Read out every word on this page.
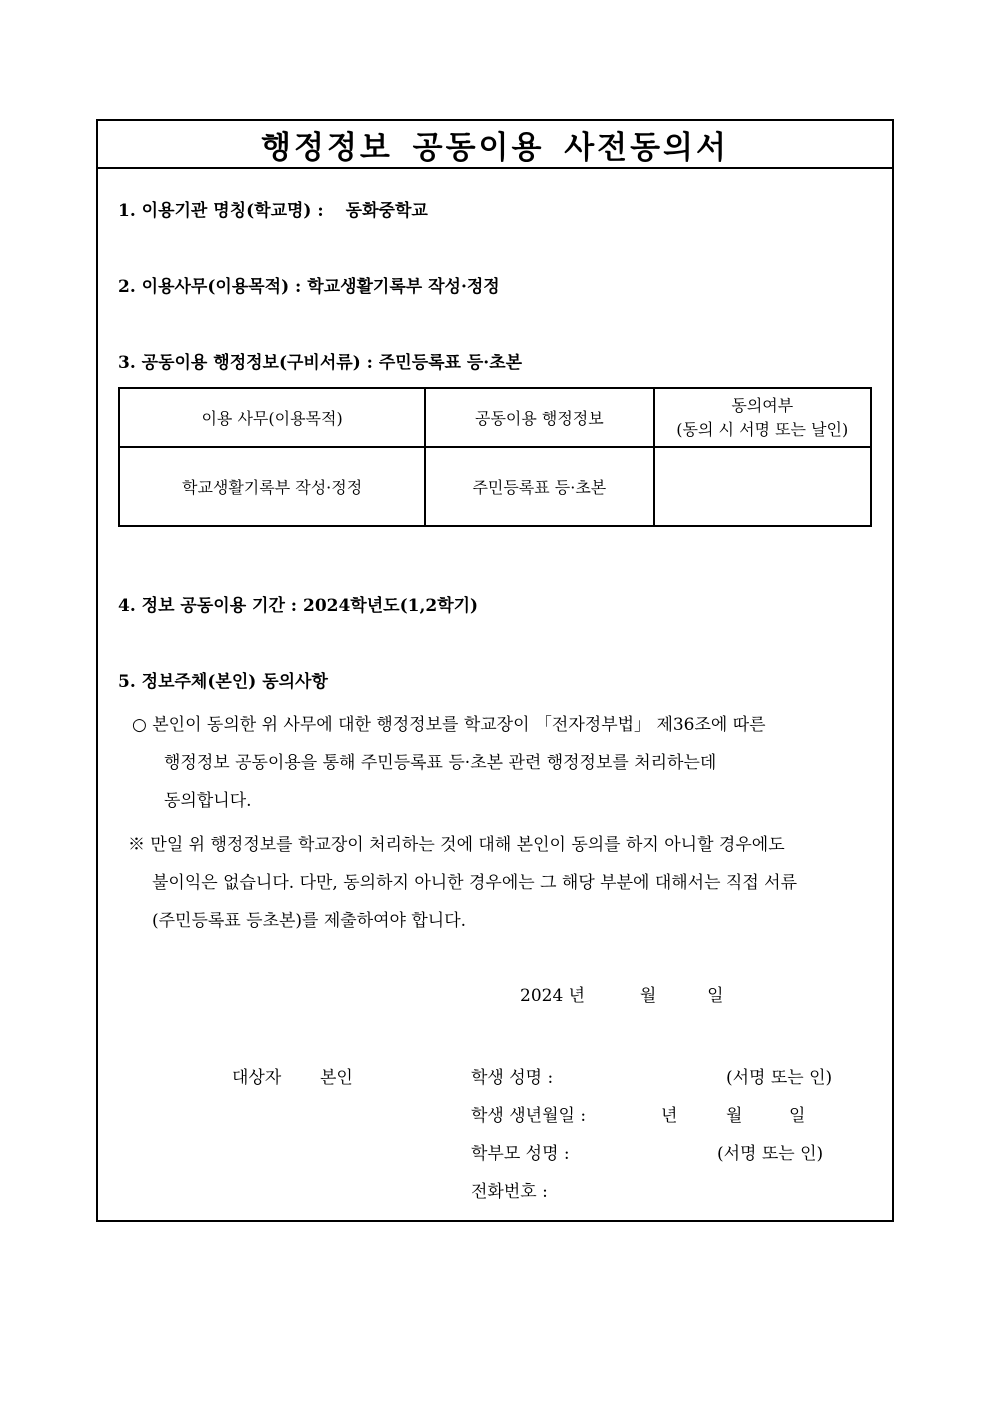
행정정보 공동이용 사전동의서
1. 이용기관 명칭(학교명) : 동화중학교
2. 이용사무(이용목적) : 학교생활기록부 작성·정정
3. 공동이용 행정정보(구비서류) : 주민등록표 등·초본
이용 사무(이용목적)	공동이용 행정정보	동의여부
(동의 시 서명 또는 날인)

학교생활기록부 작성·정정	주민등록표 등·초본	
4. 정보 공동이용 기간 : 2024학년도(1,2학기)
5. 정보주체(본인) 동의사항
○ 본인이 동의한 위 사무에 대한 행정정보를 학교장이 「전자정부법」 제36조에 따른
행정정보 공동이용을 통해 주민등록표 등·초본 관련 행정정보를 처리하는데
동의합니다.
※ 만일 위 행정정보를 학교장이 처리하는 것에 대해 본인이 동의를 하지 아니할 경우에도
불이익은 없습니다. 다만, 동의하지 아니한 경우에는 그 해당 부분에 대해서는 직접 서류
(주민등록표 등초본)를 제출하여야 합니다.
2024 년	월	일
대상자 본인	학생 성명 :	(서명 또는 인)
학생 생년월일 :	년	월	일
학부모 성명 :	(서명 또는 인)
전화번호 :
